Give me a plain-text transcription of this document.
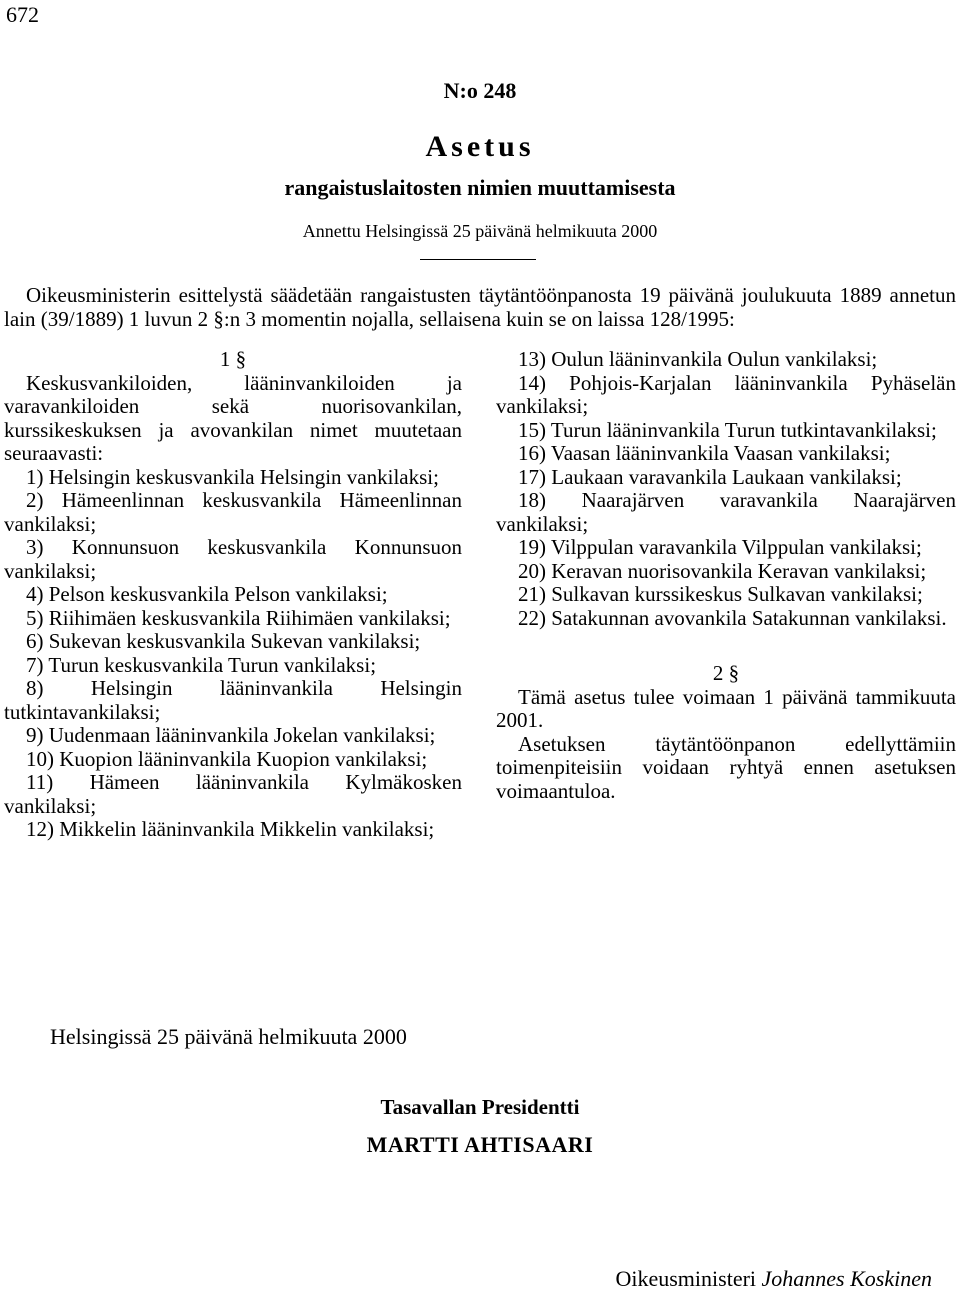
672
N:o 248
Asetus
rangaistuslaitosten nimien muuttamisesta
Annettu Helsingissä 25 päivänä helmikuuta 2000
Oikeusministerin esittelystä säädetään rangaistusten täytäntöönpanosta 19 päivänä joulukuuta 1889 annetun lain (39/1889) 1 luvun 2 §:n 3 momentin nojalla, sellaisena kuin se on laissa 128/1995:
1 §
Keskusvankiloiden, lääninvankiloiden ja varavankiloiden sekä nuorisovankilan, kurssikeskuksen ja avovankilan nimet muutetaan seuraavasti:
1) Helsingin keskusvankila Helsingin vankilaksi;
2) Hämeenlinnan keskusvankila Hämeenlinnan vankilaksi;
3) Konnunsuon keskusvankila Konnunsuon vankilaksi;
4) Pelson keskusvankila Pelson vankilaksi;
5) Riihimäen keskusvankila Riihimäen vankilaksi;
6) Sukevan keskusvankila Sukevan vankilaksi;
7) Turun keskusvankila Turun vankilaksi;
8) Helsingin lääninvankila Helsingin tutkintavankilaksi;
9) Uudenmaan lääninvankila Jokelan vankilaksi;
10) Kuopion lääninvankila Kuopion vankilaksi;
11) Hämeen lääninvankila Kylmäkosken vankilaksi;
12) Mikkelin lääninvankila Mikkelin vankilaksi;
13) Oulun lääninvankila Oulun vankilaksi;
14) Pohjois-Karjalan lääninvankila Pyhäselän vankilaksi;
15) Turun lääninvankila Turun tutkintavankilaksi;
16) Vaasan lääninvankila Vaasan vankilaksi;
17) Laukaan varavankila Laukaan vankilaksi;
18) Naarajärven varavankila Naarajärven vankilaksi;
19) Vilppulan varavankila Vilppulan vankilaksi;
20) Keravan nuorisovankila Keravan vankilaksi;
21) Sulkavan kurssikeskus Sulkavan vankilaksi;
22) Satakunnan avovankila Satakunnan vankilaksi.
2 §
Tämä asetus tulee voimaan 1 päivänä tammikuuta 2001.
Asetuksen täytäntöönpanon edellyttämiin toimenpiteisiin voidaan ryhtyä ennen asetuksen voimaantuloa.
Helsingissä 25 päivänä helmikuuta 2000
Tasavallan Presidentti
MARTTI AHTISAARI
Oikeusministeri Johannes Koskinen
